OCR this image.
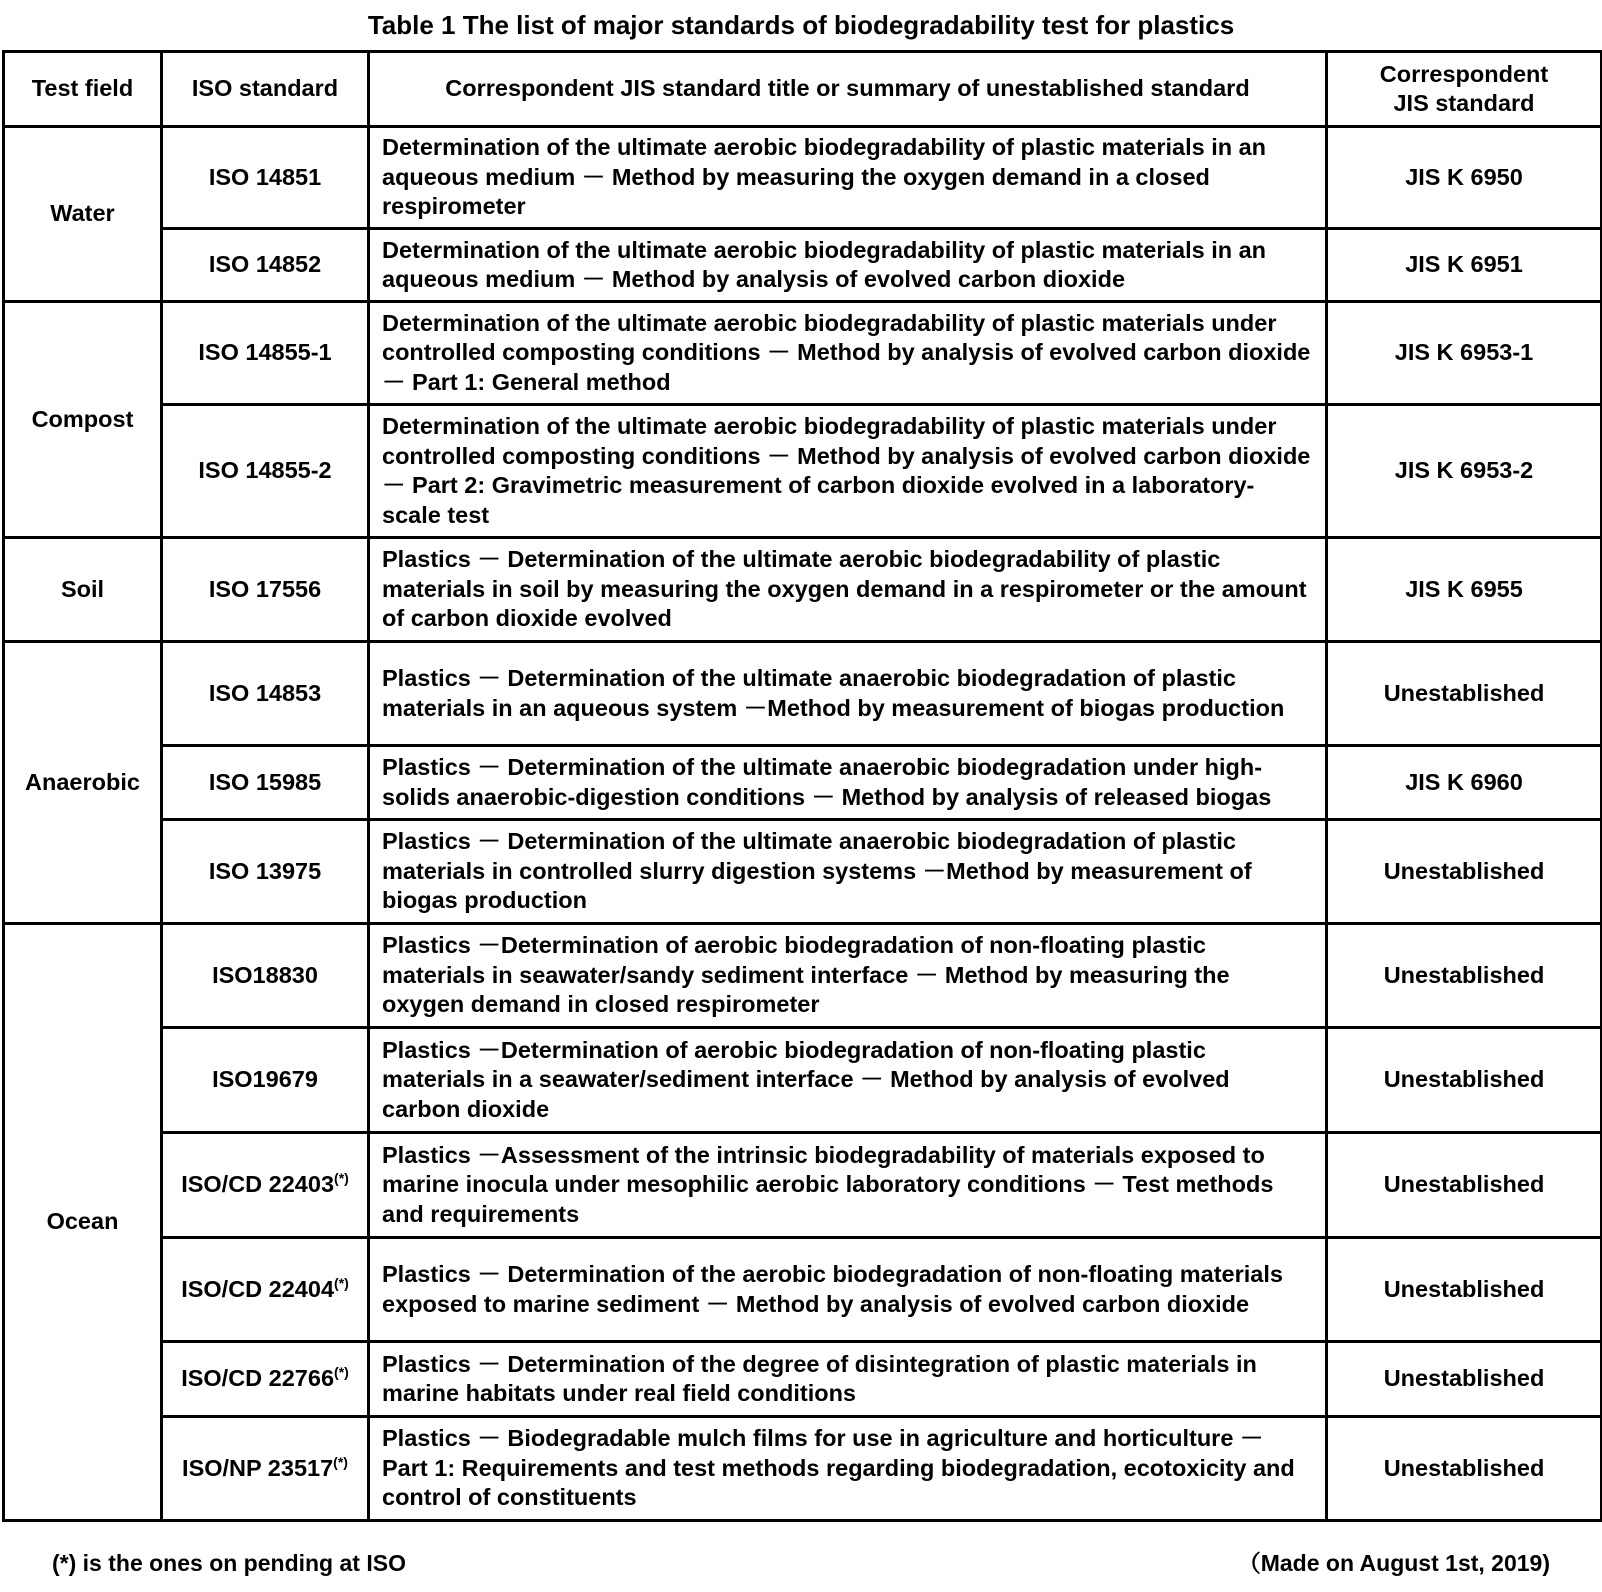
Table 1 The list of major standards of biodegradability test for plastics
Test field	ISO standard	Correspondent JIS standard title or summary of unestablished standard	Correspondent
JIS standard
Water	ISO 14851	Determination of the ultimate aerobic biodegradability of plastic materials in an aqueous medium － Method by measuring the oxygen demand in a closed respirometer	JIS K 6950
	ISO 14852	Determination of the ultimate aerobic biodegradability of plastic materials in an aqueous medium － Method by analysis of evolved carbon dioxide	JIS K 6951
Compost	ISO 14855-1	Determination of the ultimate aerobic biodegradability of plastic materials under controlled composting conditions － Method by analysis of evolved carbon dioxide － Part 1: General method	JIS K 6953-1
	ISO 14855-2	Determination of the ultimate aerobic biodegradability of plastic materials under controlled composting conditions － Method by analysis of evolved carbon dioxide － Part 2: Gravimetric measurement of carbon dioxide evolved in a laboratory-scale test	JIS K 6953-2
Soil	ISO 17556	Plastics － Determination of the ultimate aerobic biodegradability of plastic materials in soil by measuring the oxygen demand in a respirometer or the amount of carbon dioxide evolved	JIS K 6955
Anaerobic	ISO 14853	Plastics － Determination of the ultimate anaerobic biodegradation of plastic materials in an aqueous system －Method by measurement of biogas production	Unestablished
	ISO 15985	Plastics － Determination of the ultimate anaerobic biodegradation under high-solids anaerobic-digestion conditions － Method by analysis of released biogas	JIS K 6960
	ISO 13975	Plastics － Determination of the ultimate anaerobic biodegradation of plastic materials in controlled slurry digestion systems －Method by measurement of biogas production	Unestablished
Ocean	ISO18830	Plastics －Determination of aerobic biodegradation of non-floating plastic materials in seawater/sandy sediment interface － Method by measuring the oxygen demand in closed respirometer	Unestablished
	ISO19679	Plastics －Determination of aerobic biodegradation of non-floating plastic materials in a seawater/sediment interface － Method by analysis of evolved carbon dioxide	Unestablished
	ISO/CD 22403(*)	Plastics －Assessment of the intrinsic biodegradability of materials exposed to marine inocula under mesophilic aerobic laboratory conditions － Test methods and requirements	Unestablished
	ISO/CD 22404(*)	Plastics － Determination of the aerobic biodegradation of non-floating materials exposed to marine sediment － Method by analysis of evolved carbon dioxide	Unestablished
	ISO/CD 22766(*)	Plastics － Determination of the degree of disintegration of plastic materials in marine habitats under real field conditions	Unestablished
	ISO/NP 23517(*)	Plastics － Biodegradable mulch films for use in agriculture and horticulture － Part 1: Requirements and test methods regarding biodegradation, ecotoxicity and control of constituents	Unestablished
(*) is the ones on pending at ISO	（Made on August 1st, 2019)
